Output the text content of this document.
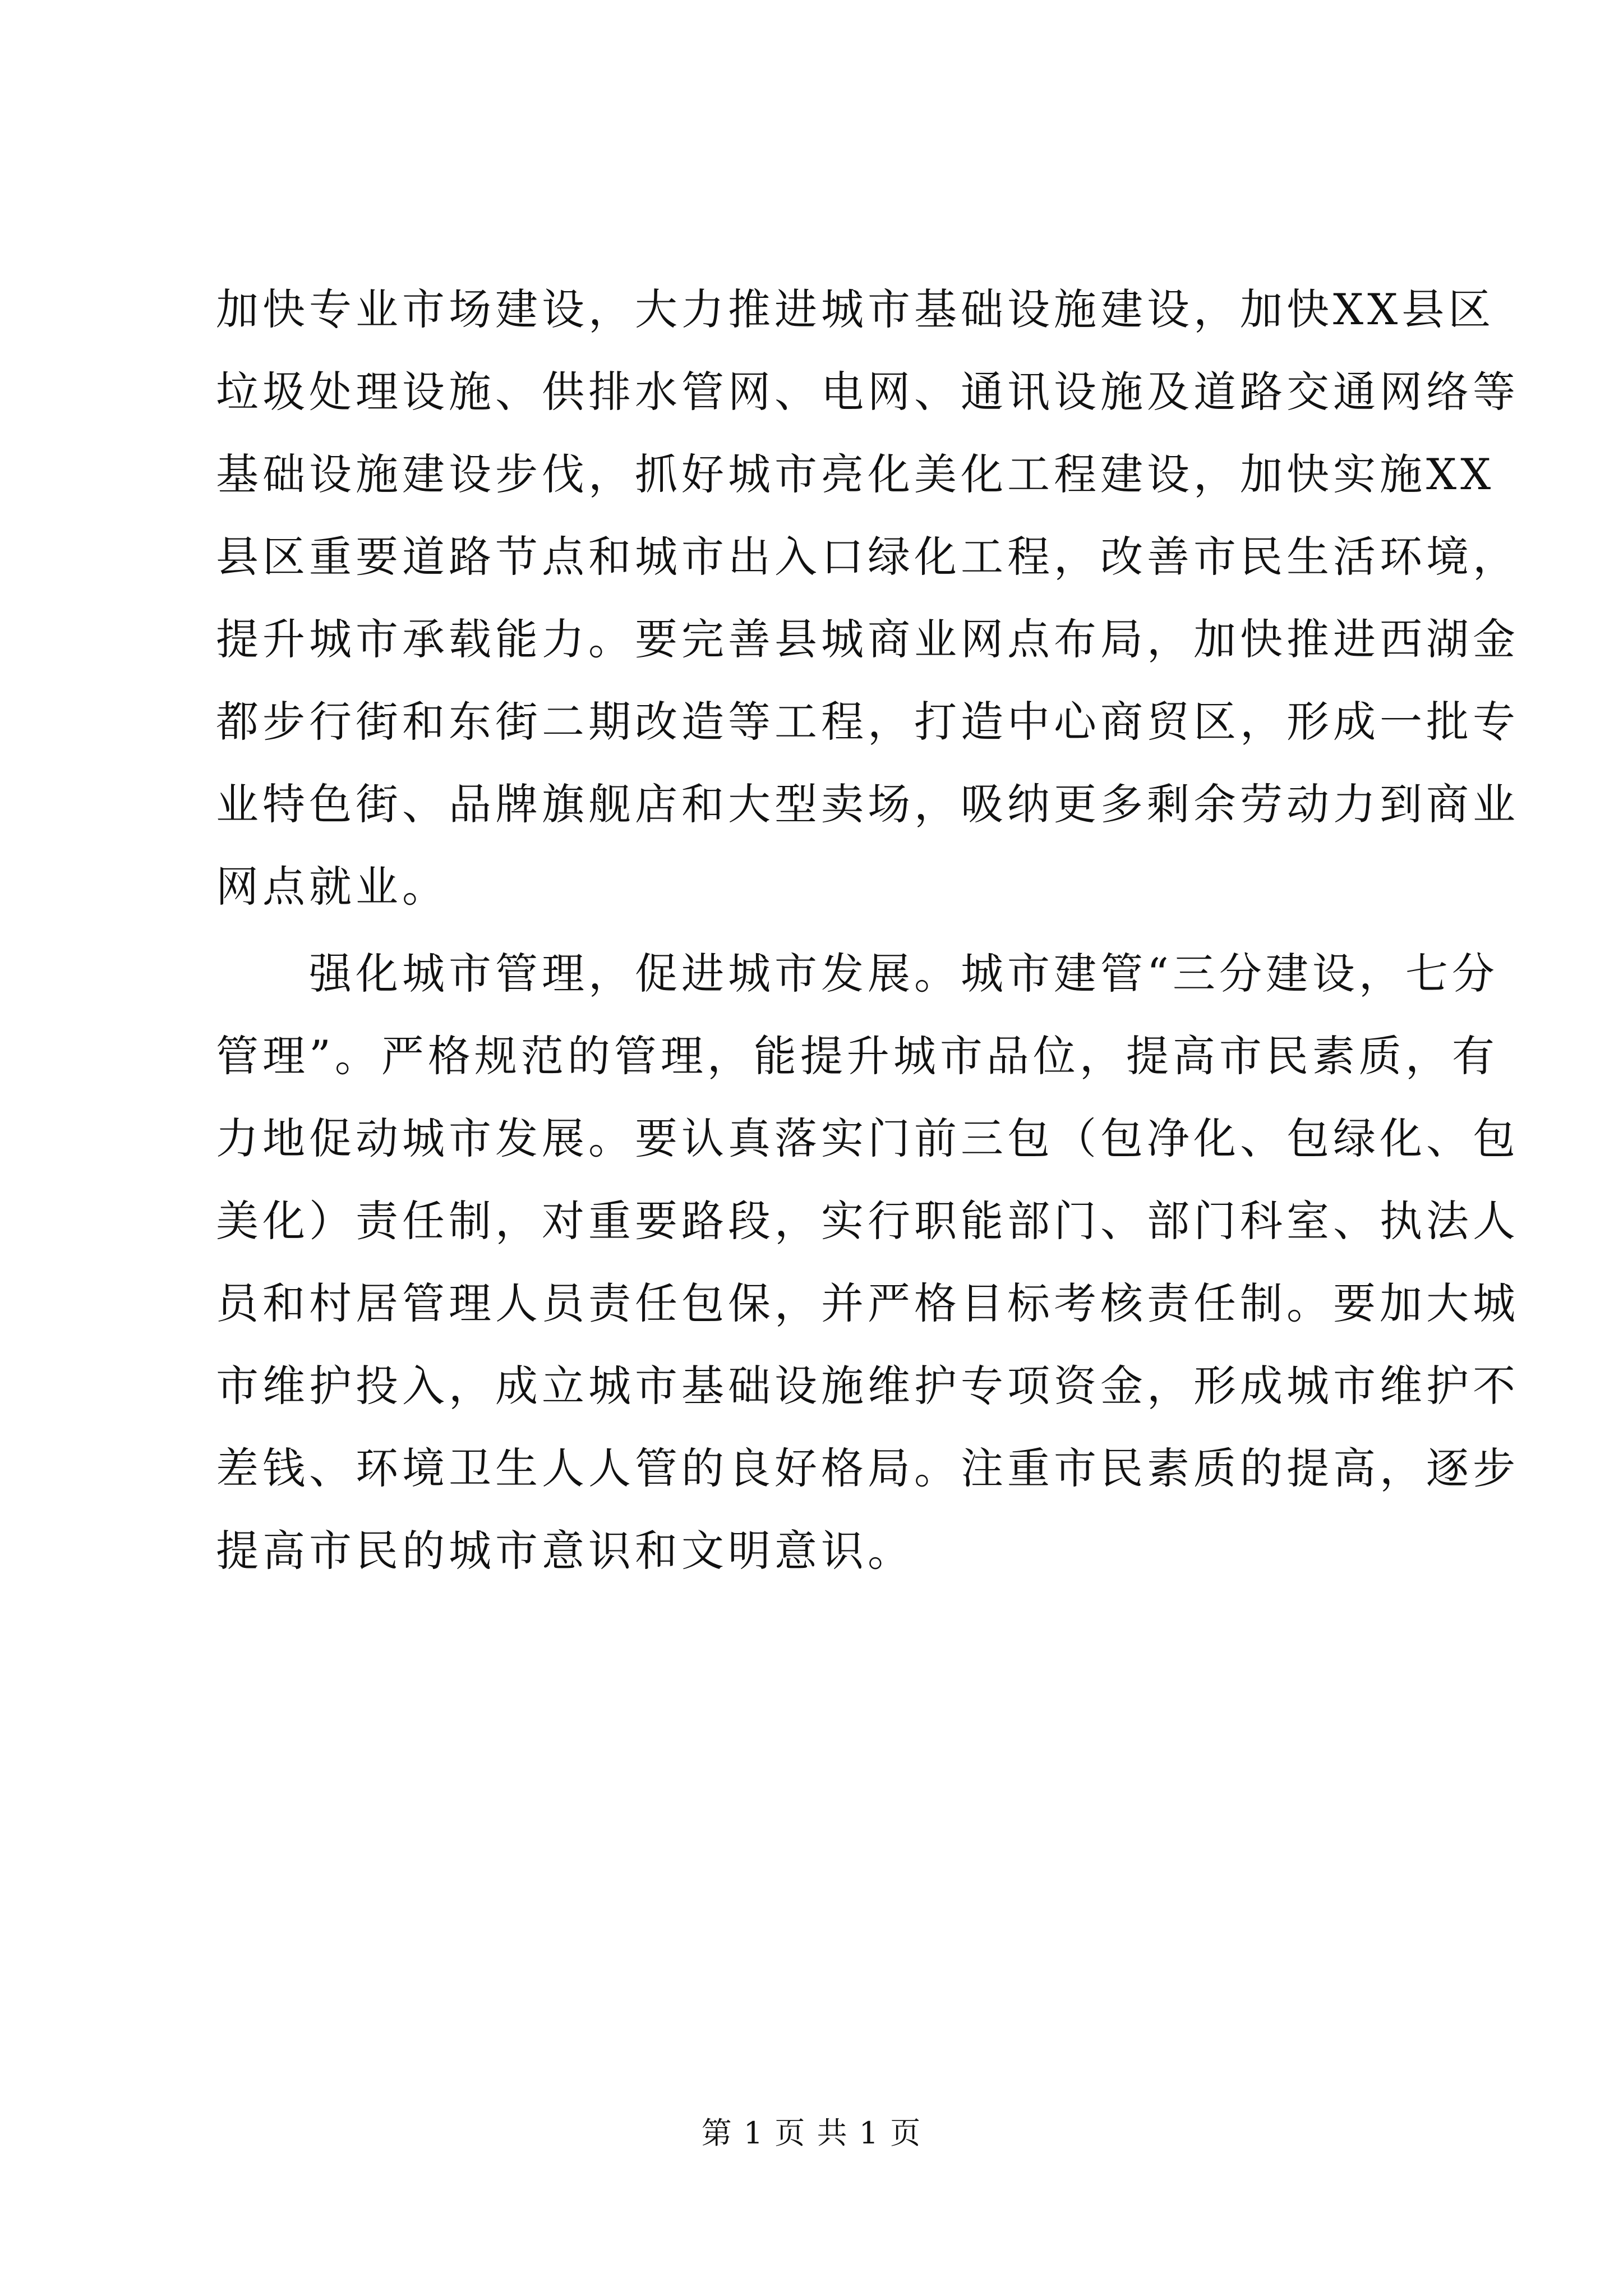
加快专业市场建设，大力推进城市基础设施建设，加快XX县区
垃圾处理设施、供排水管网、电网、通讯设施及道路交通网络等
基础设施建设步伐，抓好城市亮化美化工程建设，加快实施XX
县区重要道路节点和城市出入口绿化工程，改善市民生活环境，
提升城市承载能力。要完善县城商业网点布局，加快推进西湖金
都步行街和东街二期改造等工程，打造中心商贸区，形成一批专
业特色街、品牌旗舰店和大型卖场，吸纳更多剩余劳动力到商业
网点就业。
　　强化城市管理，促进城市发展。城市建管“三分建设，七分
管理”。严格规范的管理，能提升城市品位，提高市民素质，有
力地促动城市发展。要认真落实门前三包（包净化、包绿化、包
美化）责任制，对重要路段，实行职能部门、部门科室、执法人
员和村居管理人员责任包保，并严格目标考核责任制。要加大城
市维护投入，成立城市基础设施维护专项资金，形成城市维护不
差钱、环境卫生人人管的良好格局。注重市民素质的提高，逐步
提高市民的城市意识和文明意识。
第 1 页 共 1 页
